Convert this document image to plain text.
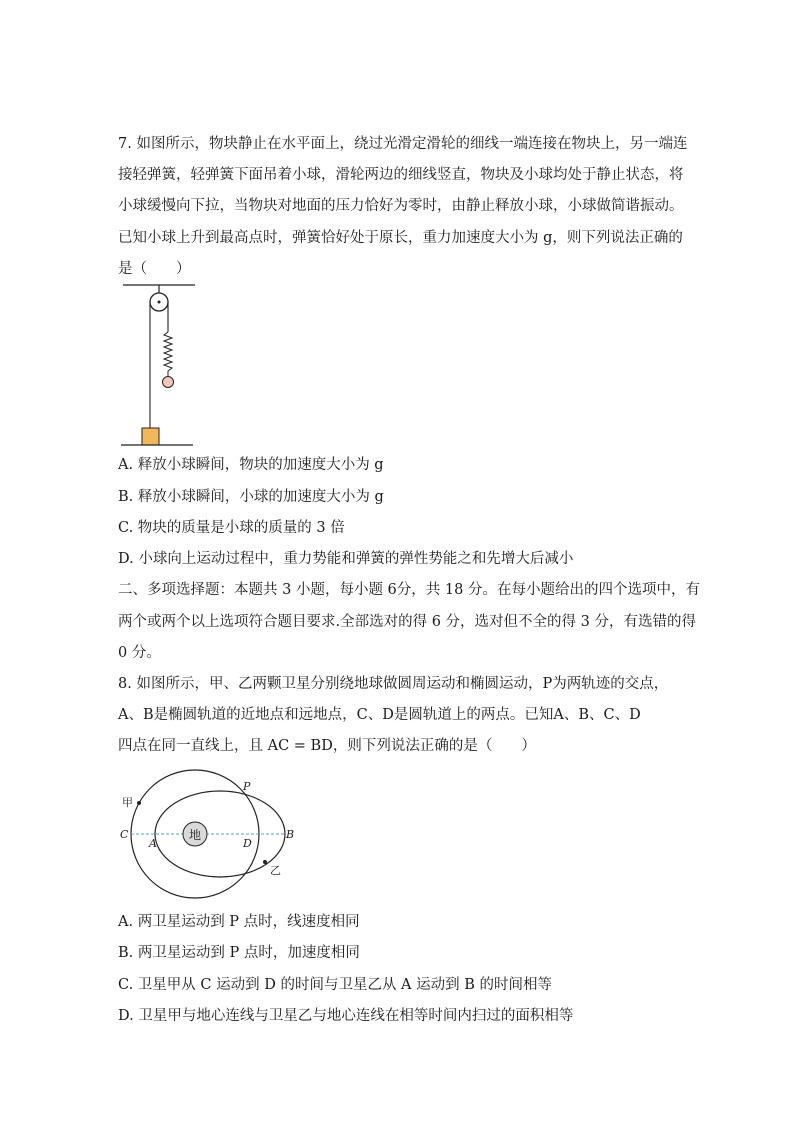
7. 如图所示，物块静止在水平面上，绕过光滑定滑轮的细线一端连接在物块上，另一端连
接轻弹簧，轻弹簧下面吊着小球，滑轮两边的细线竖直，物块及小球均处于静止状态，将
小球缓慢向下拉，当物块对地面的压力恰好为零时，由静止释放小球，小球做简谐振动。
已知小球上升到最高点时，弹簧恰好处于原长，重力加速度大小为 g，则下列说法正确的
是（　　）
A. 释放小球瞬间，物块的加速度大小为 g
B. 释放小球瞬间，小球的加速度大小为 g
C. 物块的质量是小球的质量的 3 倍
D. 小球向上运动过程中，重力势能和弹簧的弹性势能之和先增大后减小
二、多项选择题：本题共 3 小题，每小题 6分，共 18 分。在每小题给出的四个选项中，有
两个或两个以上选项符合题目要求.全部选对的得 6 分，选对但不全的得 3 分，有选错的得
0 分。
8. 如图所示，甲、乙两颗卫星分别绕地球做圆周运动和椭圆运动，P为两轨迹的交点，
A、B是椭圆轨道的近地点和远地点，C、D是圆轨道上的两点。已知A、B、C、D
四点在同一直线上，且 AC = BD，则下列说法正确的是（　　）
地
甲
乙
P
C
A	D
B
A. 两卫星运动到 P 点时，线速度相同
B. 两卫星运动到 P 点时，加速度相同
C. 卫星甲从 C 运动到 D 的时间与卫星乙从 A 运动到 B 的时间相等
D. 卫星甲与地心连线与卫星乙与地心连线在相等时间内扫过的面积相等
